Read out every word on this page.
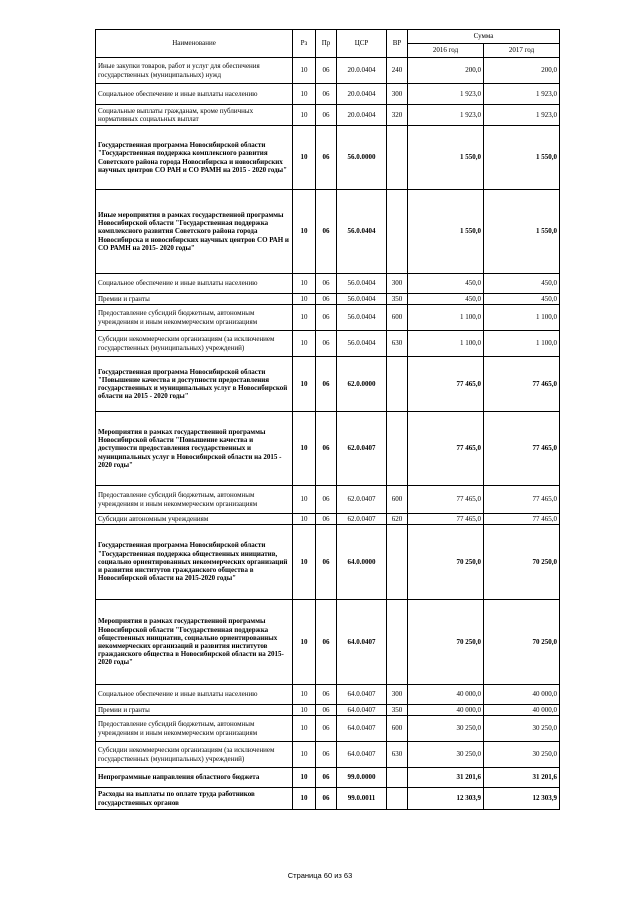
Наименование	Рз	Пр	ЦСР	ВР	Сумма	
					2016 год	2017 год
Иные закупки товаров, работ и услуг для обеспечения государственных (муниципальных) нужд	10	06	20.0.0404	240	200,0	200,0
Социальное обеспечение и иные выплаты населению	10	06	20.0.0404	300	1 923,0	1 923,0
Социальные выплаты гражданам, кроме публичных нормативных социальных выплат	10	06	20.0.0404	320	1 923,0	1 923,0
Государственная программа Новосибирской области "Государственная поддержка комплексного развития Советского района города Новосибирска и новосибирских научных центров СО РАН и СО РАМН на 2015 - 2020 годы"	10	06	56.0.0000		1 550,0	1 550,0
Иные мероприятия в рамках государственной программы Новосибирской области "Государственная поддержка комплексного развития Советского района города Новосибирска и новосибирских научных центров СО РАН и СО РАМН на 2015- 2020 годы"	10	06	56.0.0404		1 550,0	1 550,0
Социальное обеспечение и иные выплаты населению	10	06	56.0.0404	300	450,0	450,0
Премии и гранты	10	06	56.0.0404	350	450,0	450,0
Предоставление субсидий бюджетным, автономным учреждениям и иным некоммерческим организациям	10	06	56.0.0404	600	1 100,0	1 100,0
Субсидии некоммерческим организациям (за исключением государственных (муниципальных) учреждений)	10	06	56.0.0404	630	1 100,0	1 100,0
Государственная программа Новосибирской области "Повышение качества и доступности предоставления государственных и муниципальных услуг в Новосибирской области на 2015 - 2020 годы"	10	06	62.0.0000		77 465,0	77 465,0
Мероприятия в рамках государственной программы Новосибирской области "Повышение качества и доступности предоставления государственных и муниципальных услуг в Новосибирской области на 2015 - 2020 годы"	10	06	62.0.0407		77 465,0	77 465,0
Предоставление субсидий бюджетным, автономным учреждениям и иным некоммерческим организациям	10	06	62.0.0407	600	77 465,0	77 465,0
Субсидии автономным учреждениям	10	06	62.0.0407	620	77 465,0	77 465,0
Государственная программа Новосибирской области "Государственная поддержка общественных инициатив, социально ориентированных некоммерческих организаций и развития институтов гражданского общества в Новосибирской области на 2015-2020 годы"	10	06	64.0.0000		70 250,0	70 250,0
Мероприятия в рамках государственной программы Новосибирской области "Государственная поддержка общественных инициатив, социально ориентированных некоммерческих организаций и развития институтов гражданского общества в Новосибирской области на 2015-2020 годы"	10	06	64.0.0407		70 250,0	70 250,0
Социальное обеспечение и иные выплаты населению	10	06	64.0.0407	300	40 000,0	40 000,0
Премии и гранты	10	06	64.0.0407	350	40 000,0	40 000,0
Предоставление субсидий бюджетным, автономным учреждениям и иным некоммерческим организациям	10	06	64.0.0407	600	30 250,0	30 250,0
Субсидии некоммерческим организациям (за исключением государственных (муниципальных) учреждений)	10	06	64.0.0407	630	30 250,0	30 250,0
Непрограммные направления областного бюджета	10	06	99.0.0000		31 201,6	31 201,6
Расходы на выплаты по оплате труда работников государственных органов	10	06	99.0.0011		12 303,9	12 303,9
Страница 60 из 63
